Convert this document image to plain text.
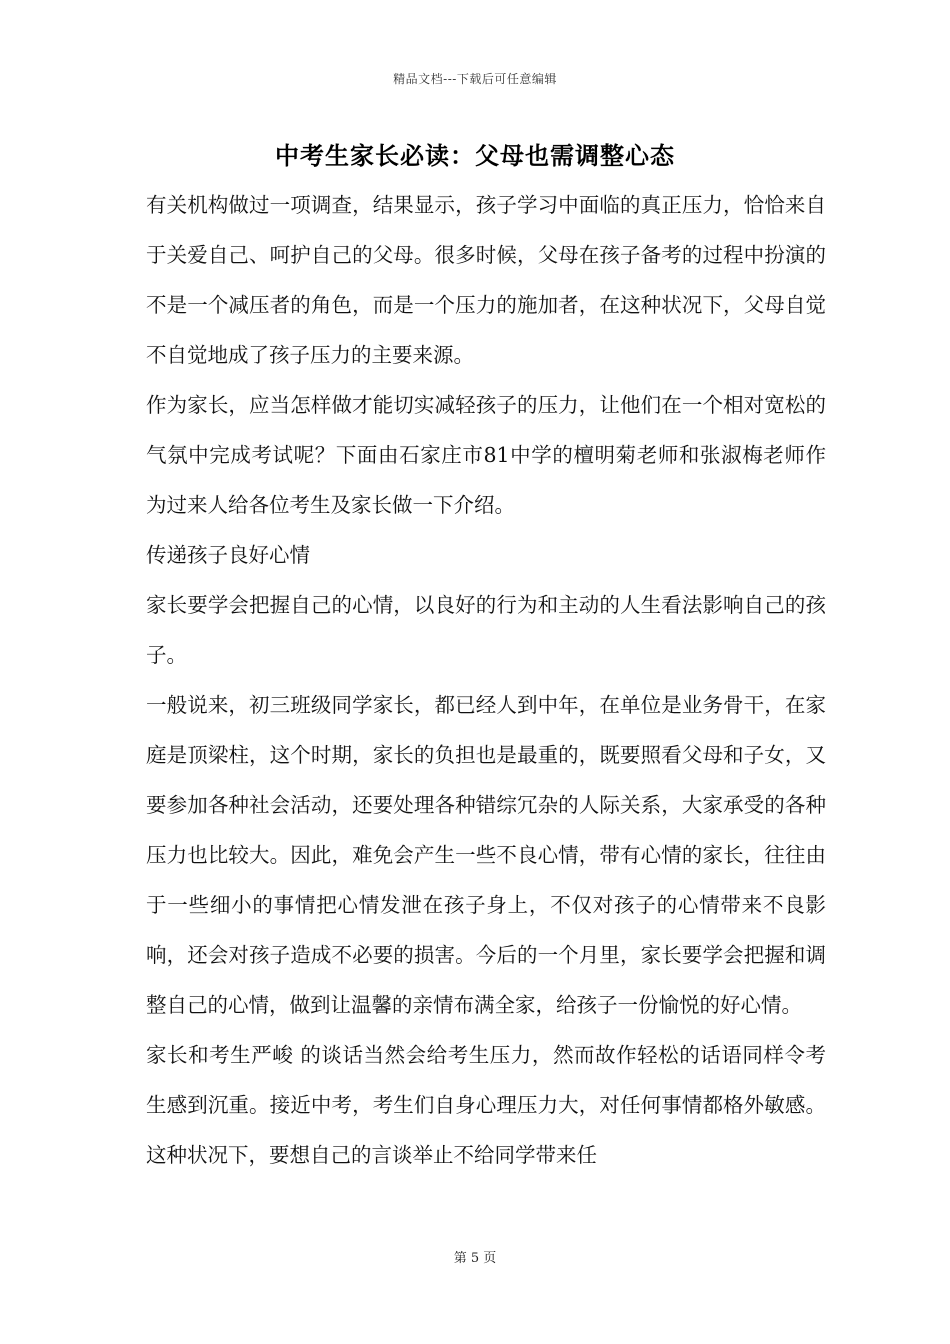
精品文档---下载后可任意编辑
中考生家长必读：父母也需调整心态

有关机构做过一项调查，结果显示，孩子学习中面临的真正压力，恰恰来自于关爱自己、呵护自己的父母。很多时候，父母在孩子备考的过程中扮演的不是一个减压者的角色，而是一个压力的施加者，在这种状况下，父母自觉不自觉地成了孩子压力的主要来源。

作为家长，应当怎样做才能切实减轻孩子的压力，让他们在一个相对宽松的气氛中完成考试呢？下面由石家庄市81中学的檀明菊老师和张淑梅老师作为过来人给各位考生及家长做一下介绍。

传递孩子良好心情

家长要学会把握自己的心情，以良好的行为和主动的人生看法影响自己的孩子。

一般说来，初三班级同学家长，都已经人到中年，在单位是业务骨干，在家庭是顶梁柱，这个时期，家长的负担也是最重的，既要照看父母和子女，又要参加各种社会活动，还要处理各种错综冗杂的人际关系，大家承受的各种压力也比较大。因此，难免会产生一些不良心情，带有心情的家长，往往由于一些细小的事情把心情发泄在孩子身上，不仅对孩子的心情带来不良影响，还会对孩子造成不必要的损害。今后的一个月里，家长要学会把握和调整自己的心情，做到让温馨的亲情布满全家，给孩子一份愉悦的好心情。

家长和考生严峻 的谈话当然会给考生压力，然而故作轻松的话语同样令考生感到沉重。接近中考，考生们自身心理压力大，对任何事情都格外敏感。这种状况下，要想自己的言谈举止不给同学带来任

第 5 页
